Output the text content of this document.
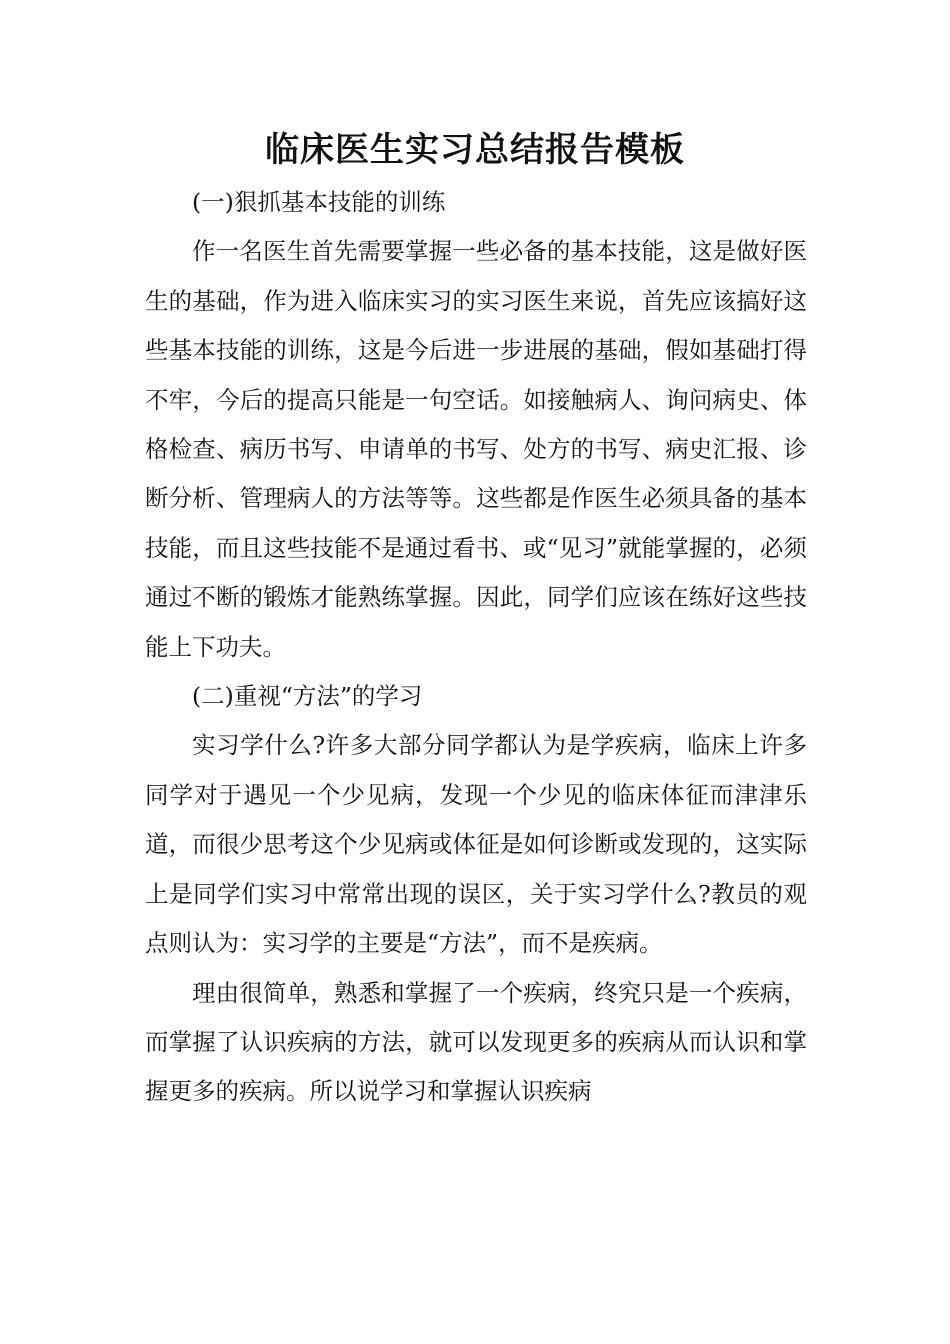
临床医生实习总结报告模板

(一)狠抓基本技能的训练

作一名医生首先需要掌握一些必备的基本技能，这是做好医生的基础，作为进入临床实习的实习医生来说，首先应该搞好这些基本技能的训练，这是今后进一步进展的基础，假如基础打得不牢，今后的提高只能是一句空话。如接触病人、询问病史、体格检查、病历书写、申请单的书写、处方的书写、病史汇报、诊断分析、管理病人的方法等等。这些都是作医生必须具备的基本技能，而且这些技能不是通过看书、或“见习”就能掌握的，必须通过不断的锻炼才能熟练掌握。因此，同学们应该在练好这些技能上下功夫。

(二)重视“方法”的学习

实习学什么?许多大部分同学都认为是学疾病，临床上许多同学对于遇见一个少见病，发现一个少见的临床体征而津津乐道，而很少思考这个少见病或体征是如何诊断或发现的，这实际上是同学们实习中常常出现的误区，关于实习学什么?教员的观点则认为：实习学的主要是“方法”，而不是疾病。

理由很简单，熟悉和掌握了一个疾病，终究只是一个疾病，而掌握了认识疾病的方法，就可以发现更多的疾病从而认识和掌握更多的疾病。所以说学习和掌握认识疾病
